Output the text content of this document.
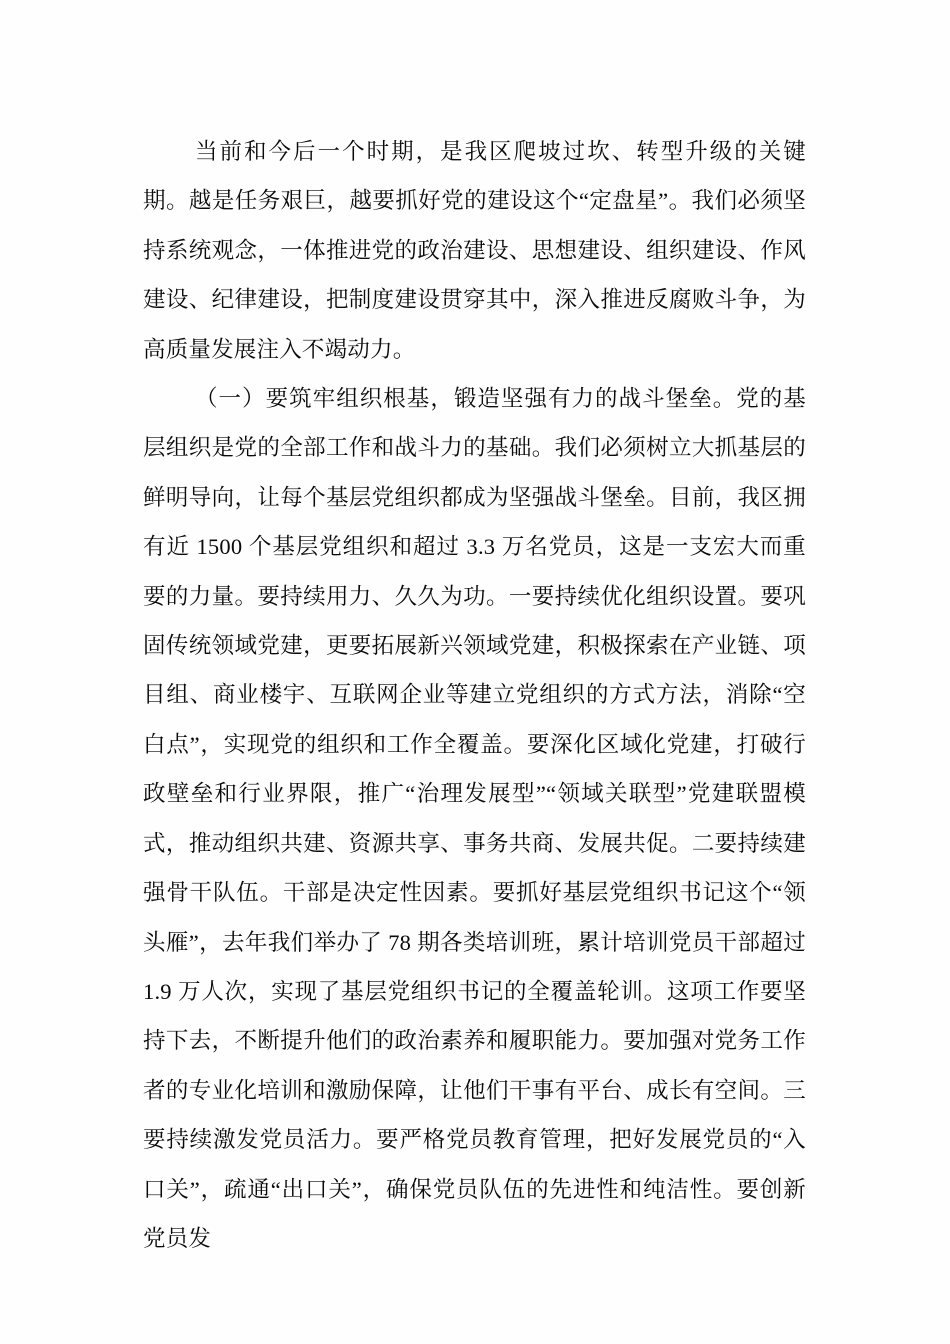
当前和今后一个时期，是我区爬坡过坎、转型升级的关键期。越是任务艰巨，越要抓好党的建设这个“定盘星”。我们必须坚持系统观念，一体推进党的政治建设、思想建设、组织建设、作风建设、纪律建设，把制度建设贯穿其中，深入推进反腐败斗争，为高质量发展注入不竭动力。

（一）要筑牢组织根基，锻造坚强有力的战斗堡垒。党的基层组织是党的全部工作和战斗力的基础。我们必须树立大抓基层的鲜明导向，让每个基层党组织都成为坚强战斗堡垒。目前，我区拥有近 1500 个基层党组织和超过 3.3 万名党员，这是一支宏大而重要的力量。要持续用力、久久为功。一要持续优化组织设置。要巩固传统领域党建，更要拓展新兴领域党建，积极探索在产业链、项目组、商业楼宇、互联网企业等建立党组织的方式方法，消除“空白点”，实现党的组织和工作全覆盖。要深化区域化党建，打破行政壁垒和行业界限，推广“治理发展型”“领域关联型”党建联盟模式，推动组织共建、资源共享、事务共商、发展共促。二要持续建强骨干队伍。干部是决定性因素。要抓好基层党组织书记这个“领头雁”，去年我们举办了 78 期各类培训班，累计培训党员干部超过 1.9 万人次，实现了基层党组织书记的全覆盖轮训。这项工作要坚持下去，不断提升他们的政治素养和履职能力。要加强对党务工作者的专业化培训和激励保障，让他们干事有平台、成长有空间。三要持续激发党员活力。要严格党员教育管理，把好发展党员的“入口关”，疏通“出口关”，确保党员队伍的先进性和纯洁性。要创新党员发
